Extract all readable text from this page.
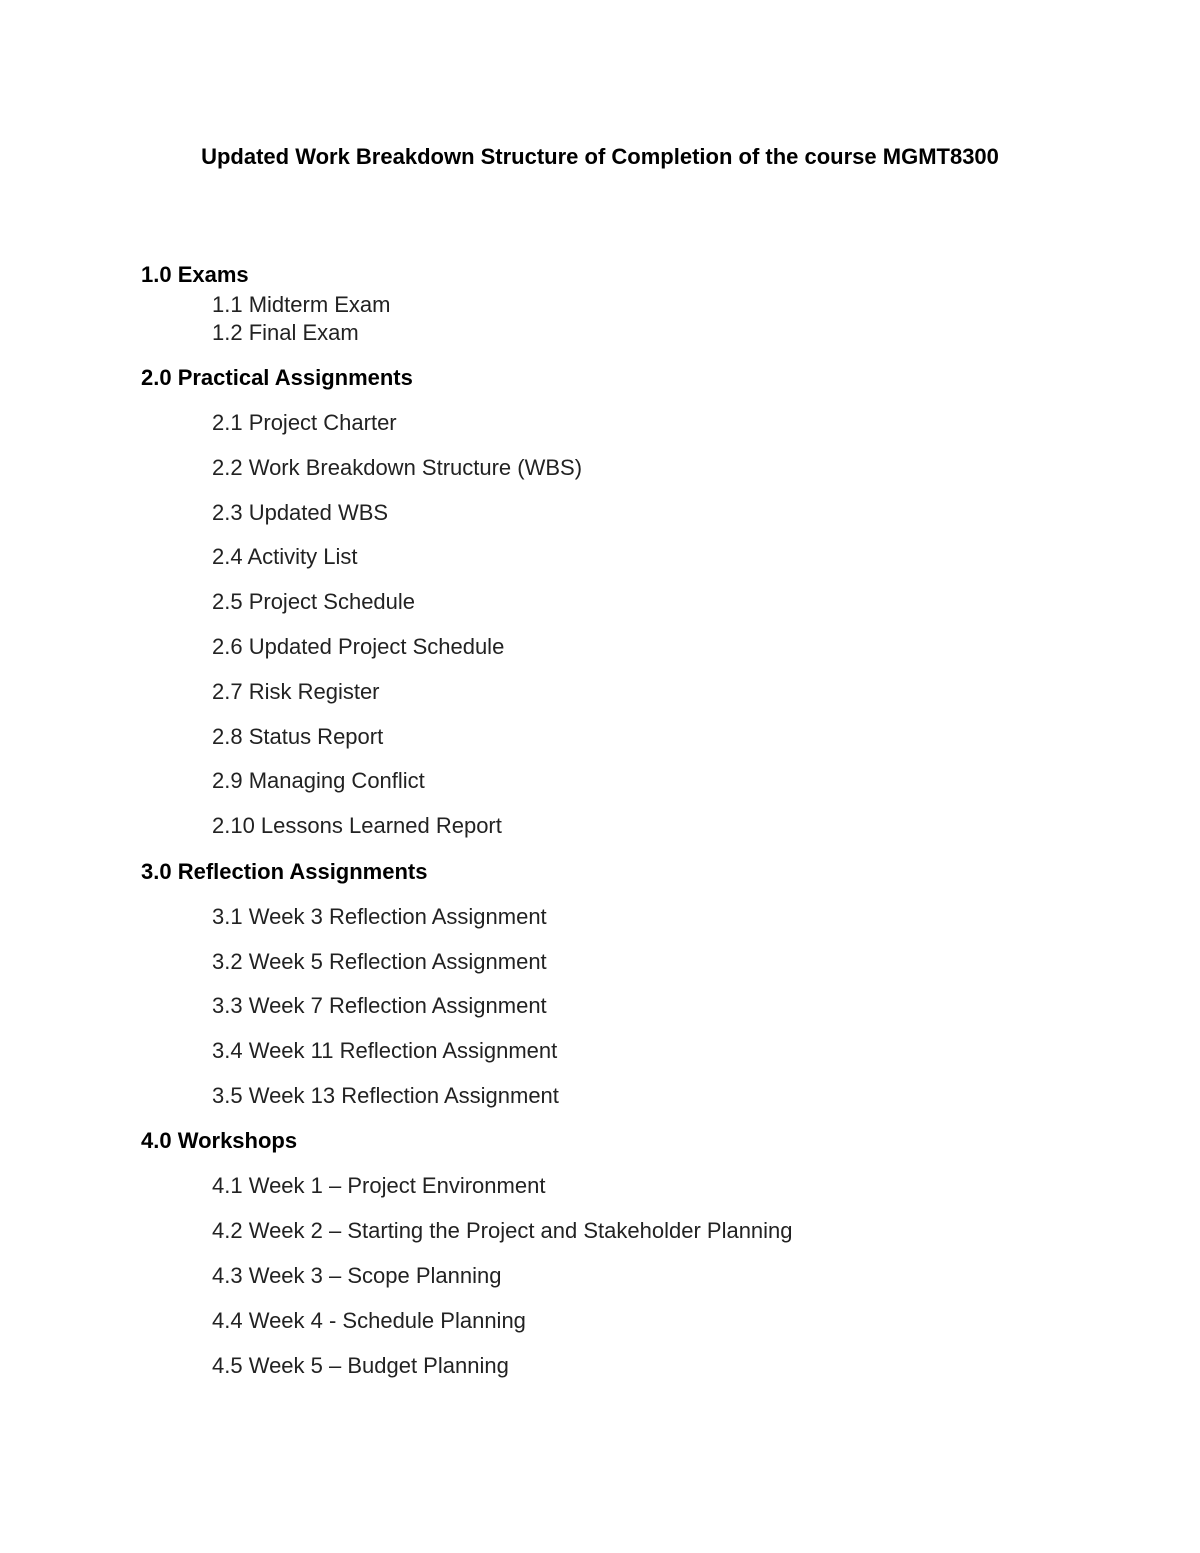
Updated Work Breakdown Structure of Completion of the course MGMT8300
1.0 Exams
1.1 Midterm Exam
1.2 Final Exam
2.0 Practical Assignments
2.1 Project Charter
2.2 Work Breakdown Structure (WBS)
2.3 Updated WBS
2.4 Activity List
2.5 Project Schedule
2.6 Updated Project Schedule
2.7 Risk Register
2.8 Status Report
2.9 Managing Conflict
2.10 Lessons Learned Report
3.0 Reflection Assignments
3.1 Week 3 Reflection Assignment
3.2 Week 5 Reflection Assignment
3.3 Week 7 Reflection Assignment
3.4 Week 11 Reflection Assignment
3.5 Week 13 Reflection Assignment
4.0 Workshops
4.1 Week 1 – Project Environment
4.2 Week 2 – Starting the Project and Stakeholder Planning
4.3 Week 3 – Scope Planning
4.4 Week 4 - Schedule Planning
4.5 Week 5 – Budget Planning
